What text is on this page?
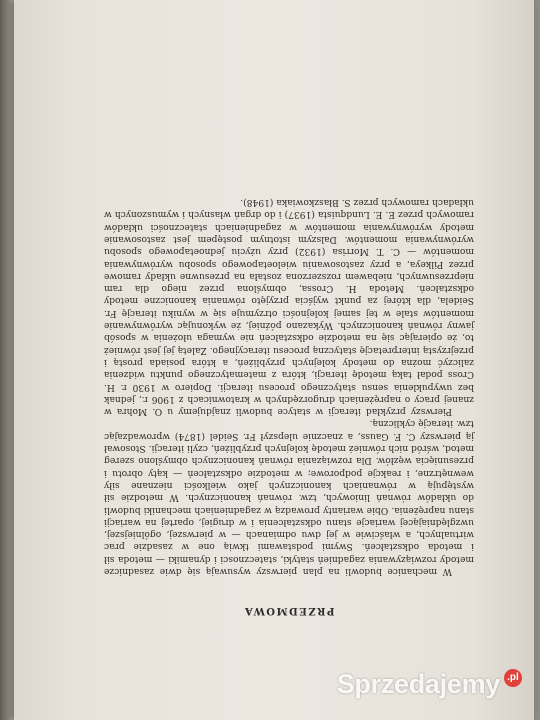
PRZEDMOWA

W mechanice budowli na plan pierwszy wysuwają się dwie zasadnicze metody rozwiązywania zagadnień statyki, statecznosci i dynamiki — metoda sił i metoda odkształceń. Swymi podstawami tkwią one w zasadzie prac wirtualnych, a właściwie w jej dwu odmianach — w pierwszej, ogólniejszej, uwzględniającej wariacje stanu odkształcenia i w drugiej, opartej na wariacji stanu naprężenia. Obie warianty prowadzą w zagadnieniach mechaniki budowli do układów równań liniowych, tzw. równań kanonicznych. W metodzie sił występują w równaniach kanonicznych jako wielkości nieznane siły wewnętrzne, i reakcje podporowe; w metodzie odkształceń — kąty obrotu i przesunięcia węzłów. Dla rozwiązania równań kanonicznych obmyślono szereg metod, wśród nich również metodę kolejnych przybliżeń, czyli iteracji. Stosował ją pierwszy C. F. Gauss, a znacznie ulepszył Fr. Seidel (1874) wprowadzając tzw. iterację cykliczną.

Pierwszy przykład iteracji w statyce budowli znajdujemy u O. Mohra w znanej pracy o naprężeniach drugorzędnych w kratownicach z 1906 r., jednak bez uwypuklenia sensu statycznego procesu iteracji. Dopiero w 1930 r. H. Cross podał taką metodę iteracji, która z matematycznego punktu widzenia zaliczyć można do metody kolejnych przybliżeń, a która posiada prostą i przejrzystą interpretację statyczną procesu iteracyjnego. Zaletą jej jest również to, że opierając się na metodzie odkształceń nie wymaga ułożenia w sposób jawny równań kanonicznych. Wykazano później, że wykonując wyrównywanie momentów stale w tej samej kolejności otrzymuje się w wyniku iterację Fr. Seidela, dla której za punkt wyjścia przyjęto równania kanoniczne metody odkształceń. Metoda H. Crossa, obmyślona przez niego dla ram nieprzesuwnych, niebawem rozszerzona została na przesuwne układy ramowe przez Pilkeya, a przy zastosowaniu wieloetapowego sposobu wyrównywania momentów — C. T. Morrisa (1932) przy użyciu jednoetapowego sposobu wyrównywania momentów. Dalszym istotnym postępem jest zastosowanie metody wyrównywania momentów w zagadnieniach stateczności układów ramowych przez E. E. Lundquista (1937) i do drgań własnych i wymuszonych w układach ramowych przez S. Błaszkowiaka (1948).

Sprzedajemy .pl
